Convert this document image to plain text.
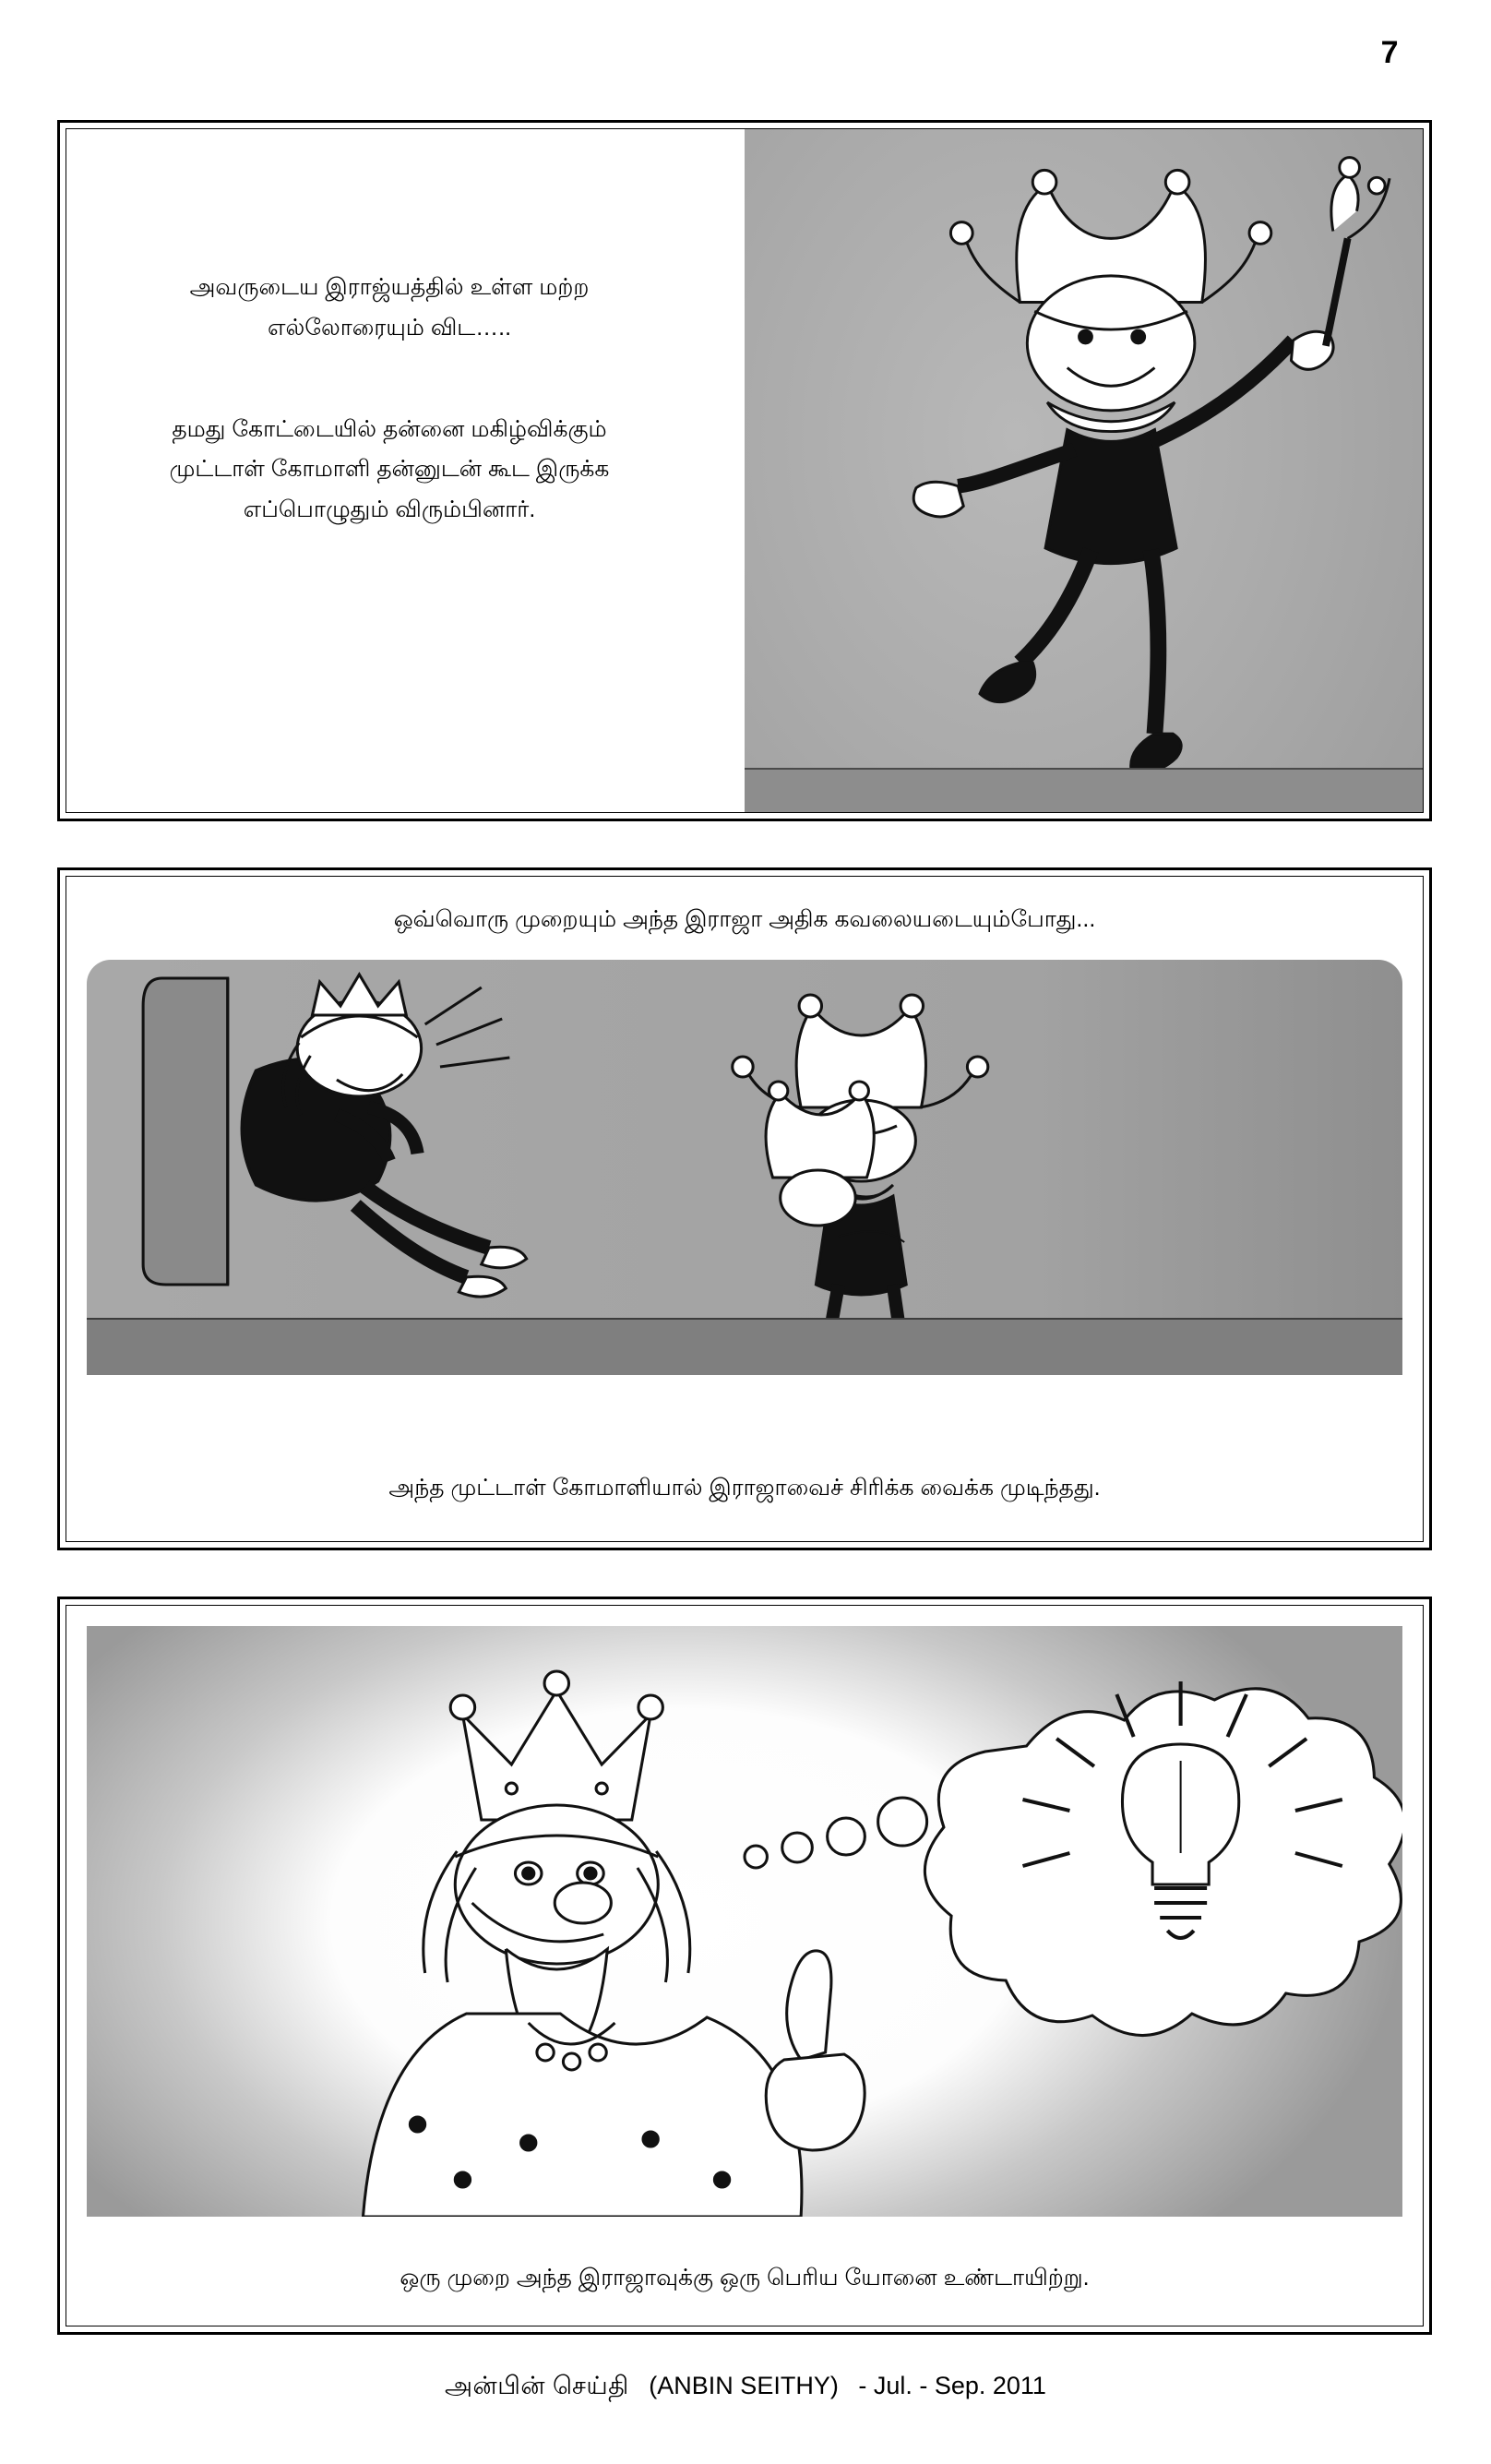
7
அவருடைய இராஜ்யத்தில் உள்ள மற்ற எல்லோரையும் விட…..
தமது கோட்டையில் தன்னை மகிழ்விக்கும் முட்டாள் கோமாளி தன்னுடன் கூட இருக்க எப்பொழுதும் விரும்பினார்.
ஒவ்வொரு முறையும் அந்த இராஜா அதிக கவலையடையும்போது...
அந்த முட்டாள் கோமாளியால் இராஜாவைச் சிரிக்க வைக்க முடிந்தது.
ஒரு முறை அந்த இராஜாவுக்கு ஒரு பெரிய யோனை உண்டாயிற்று.
அன்பின் செய்தி (ANBIN SEITHY) - Jul. - Sep. 2011
